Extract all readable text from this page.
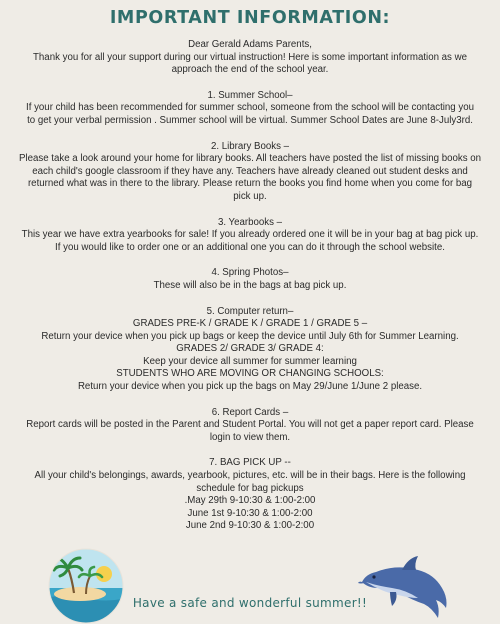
IMPORTANT INFORMATION:

Dear Gerald Adams Parents,

Thank you for all your support during our virtual instruction! Here is some important information as we

approach the end of the school year.

1. Summer School–

If your child has been recommended for summer school, someone from the school will be contacting you

to get your verbal permission . Summer school will be virtual. Summer School Dates are June 8-July3rd.

2. Library Books –

Please take a look around your home for library books. All teachers have posted the list of missing books on

each child's google classroom if they have any. Teachers have already cleaned out student desks and

returned what was in there to the library. Please return the books you find home when you come for bag

pick up.

3. Yearbooks –

This year we have extra yearbooks for sale! If you already ordered one it will be in your bag at bag pick up.

If you would like to order one or an additional one you can do it through the school website.

4. Spring Photos–

These will also be in the bags at bag pick up.

5. Computer return–

GRADES PRE-K / GRADE K / GRADE 1 / GRADE 5 –

Return your device when you pick up bags or keep the device until July 6th for Summer Learning.

GRADES 2/ GRADE 3/ GRADE 4:

Keep your device all summer for summer learning

STUDENTS WHO ARE MOVING OR CHANGING SCHOOLS:

Return your device when you pick up the bags on May 29/June 1/June 2 please.

6. Report Cards –

Report cards will be posted in the Parent and Student Portal. You will not get a paper report card. Please

login to view them.

7. BAG PICK UP --

All your child's belongings, awards, yearbook, pictures, etc. will be in their bags. Here is the following

schedule for bag pickups

.May 29th 9-10:30 & 1:00-2:00

June 1st 9-10:30 & 1:00-2:00

June 2nd 9-10:30 & 1:00-2:00

Have a safe and wonderful summer!!
